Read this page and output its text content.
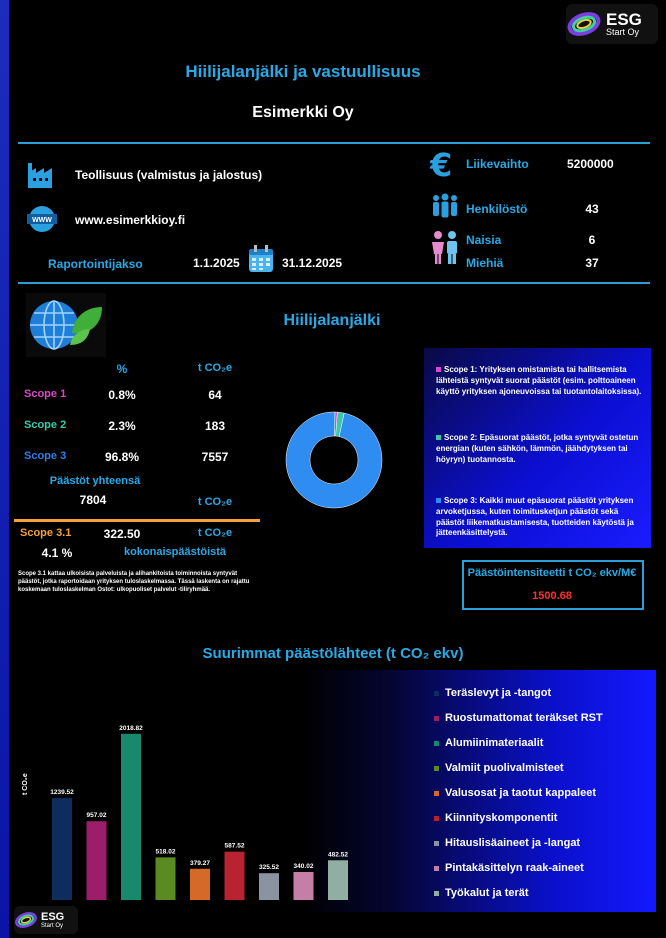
ESG
Start Oy
Hiilijalanjälki ja vastuullisuus
Esimerkki Oy
Teollisuus (valmistus ja jalostus)
WWW www.esimerkkioy.fi
Raportointijakso	1.1.2025	31.12.2025
€ Liikevaihto	5200000
Henkilöstö	43
Naisia	6
Miehiä	37
Hiilijalanjälki
%	t CO₂e
Scope 1	0.8%	64
Scope 2	2.3%	183
Scope 3	96.8%	7557
Päästöt yhteensä
7804	t CO₂e
Scope 3.1	322.50	t CO₂e
4.1 %	kokonaispäästöistä
Scope 3.1 kattaa ulkoisista palveluista ja alihankitoista toiminnoista syntyvät päästöt, jotka raportoidaan yrityksen tuloslaskelmassa. Tässä laskenta on rajattu koskemaan tuloslaskelman Ostot: ulkopuoliset palvelut -tiliryhmää.
Scope 1: Yrityksen omistamista tai hallitsemista lähteistä syntyvät suorat päästöt (esim. polttoaineen käyttö yrityksen ajoneuvoissa tai tuotantolaitoksissa).
Scope 2: Epäsuorat päästöt, jotka syntyvät ostetun energian (kuten sähkön, lämmön, jäähdytyksen tai höyryn) tuotannosta.
Scope 3: Kaikki muut epäsuorat päästöt yrityksen arvoketjussa, kuten toimitusketjun päästöt sekä päästöt liikematkustamisesta, tuotteiden käytöstä ja jätteenkäsittelystä.
Päästöintensiteetti t CO₂ ekv/M€
1500.68
Suurimmat päästölähteet (t CO₂ ekv)
t CO₂e	1239.52
957.02
2018.82
518.02
379.27
587.52
325.52 340.02
482.52
Teräslevyt ja -tangot
Ruostumattomat teräkset RST
Alumiinimateriaalit
Valmiit puolivalmisteet
Valusosat ja taotut kappaleet
Kiinnityskomponentit
Hitauslisäaineet ja -langat
Pintakäsittelyn raak-aineet
Työkalut ja terät
ESG
Start Oy
